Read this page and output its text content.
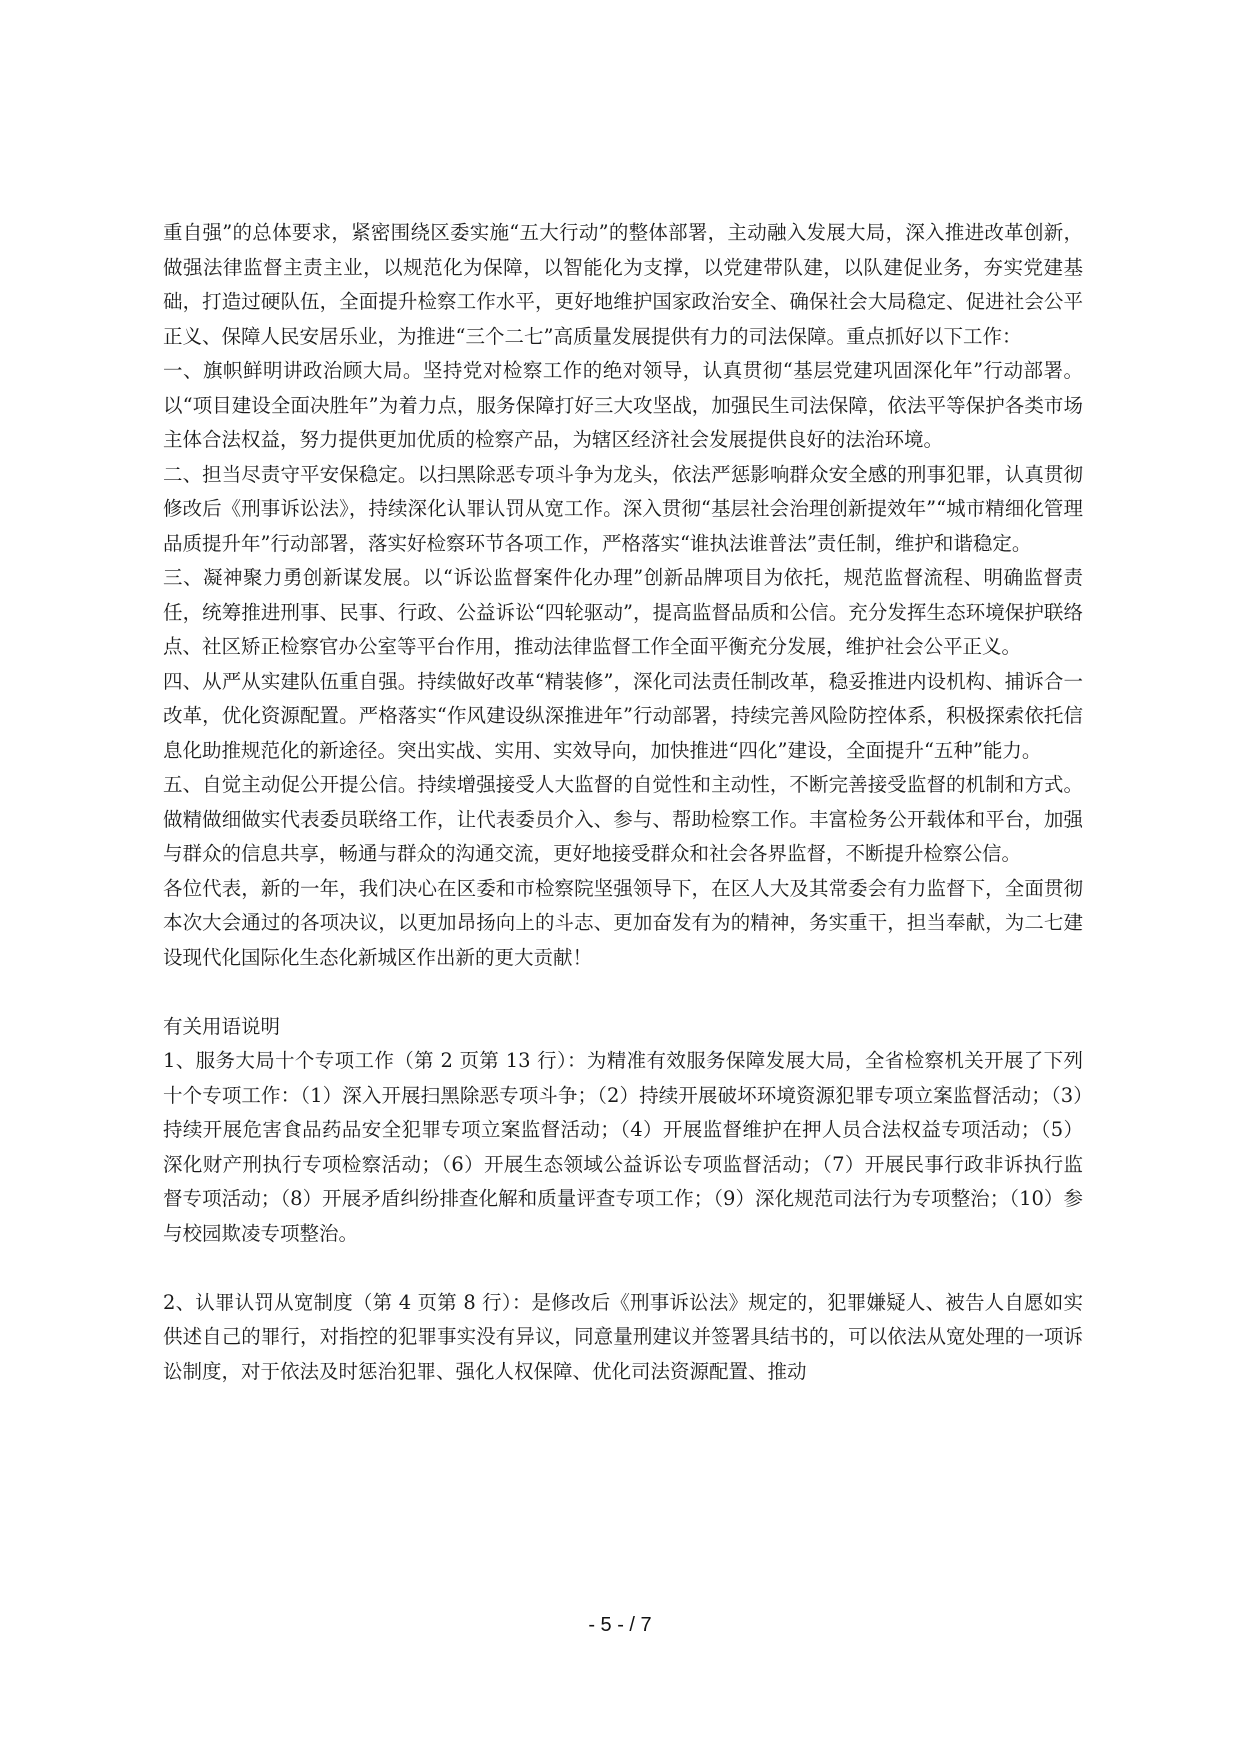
重自强”的总体要求，紧密围绕区委实施“五大行动”的整体部署，主动融入发展大局，深入推进改革创新，做强法律监督主责主业，以规范化为保障，以智能化为支撑，以党建带队建，以队建促业务，夯实党建基础，打造过硬队伍，全面提升检察工作水平，更好地维护国家政治安全、确保社会大局稳定、促进社会公平正义、保障人民安居乐业，为推进“三个二七”高质量发展提供有力的司法保障。重点抓好以下工作：

一、旗帜鲜明讲政治顾大局。坚持党对检察工作的绝对领导，认真贯彻“基层党建巩固深化年”行动部署。以“项目建设全面决胜年”为着力点，服务保障打好三大攻坚战，加强民生司法保障，依法平等保护各类市场主体合法权益，努力提供更加优质的检察产品，为辖区经济社会发展提供良好的法治环境。

二、担当尽责守平安保稳定。以扫黑除恶专项斗争为龙头，依法严惩影响群众安全感的刑事犯罪，认真贯彻修改后《刑事诉讼法》，持续深化认罪认罚从宽工作。深入贯彻“基层社会治理创新提效年”“城市精细化管理品质提升年”行动部署，落实好检察环节各项工作，严格落实“谁执法谁普法”责任制，维护和谐稳定。

三、凝神聚力勇创新谋发展。以“诉讼监督案件化办理”创新品牌项目为依托，规范监督流程、明确监督责任，统筹推进刑事、民事、行政、公益诉讼“四轮驱动”，提高监督品质和公信。充分发挥生态环境保护联络点、社区矫正检察官办公室等平台作用，推动法律监督工作全面平衡充分发展，维护社会公平正义。

四、从严从实建队伍重自强。持续做好改革“精装修”，深化司法责任制改革，稳妥推进内设机构、捕诉合一改革，优化资源配置。严格落实“作风建设纵深推进年”行动部署，持续完善风险防控体系，积极探索依托信息化助推规范化的新途径。突出实战、实用、实效导向，加快推进“四化”建设，全面提升“五种”能力。

五、自觉主动促公开提公信。持续增强接受人大监督的自觉性和主动性，不断完善接受监督的机制和方式。做精做细做实代表委员联络工作，让代表委员介入、参与、帮助检察工作。丰富检务公开载体和平台，加强与群众的信息共享，畅通与群众的沟通交流，更好地接受群众和社会各界监督，不断提升检察公信。

各位代表，新的一年，我们决心在区委和市检察院坚强领导下，在区人大及其常委会有力监督下，全面贯彻本次大会通过的各项决议，以更加昂扬向上的斗志、更加奋发有为的精神，务实重干，担当奉献，为二七建设现代化国际化生态化新城区作出新的更大贡献！

有关用语说明

1、服务大局十个专项工作（第 2 页第 13 行）：为精准有效服务保障发展大局，全省检察机关开展了下列十个专项工作：（1）深入开展扫黑除恶专项斗争；（2）持续开展破坏环境资源犯罪专项立案监督活动；（3）持续开展危害食品药品安全犯罪专项立案监督活动；（4）开展监督维护在押人员合法权益专项活动；（5）深化财产刑执行专项检察活动；（6）开展生态领域公益诉讼专项监督活动；（7）开展民事行政非诉执行监督专项活动；（8）开展矛盾纠纷排查化解和质量评查专项工作；（9）深化规范司法行为专项整治；（10）参与校园欺凌专项整治。

2、认罪认罚从宽制度（第 4 页第 8 行）：是修改后《刑事诉讼法》规定的，犯罪嫌疑人、被告人自愿如实供述自己的罪行，对指控的犯罪事实没有异议，同意量刑建议并签署具结书的，可以依法从宽处理的一项诉讼制度，对于依法及时惩治犯罪、强化人权保障、优化司法资源配置、推动

- 5 - / 7
